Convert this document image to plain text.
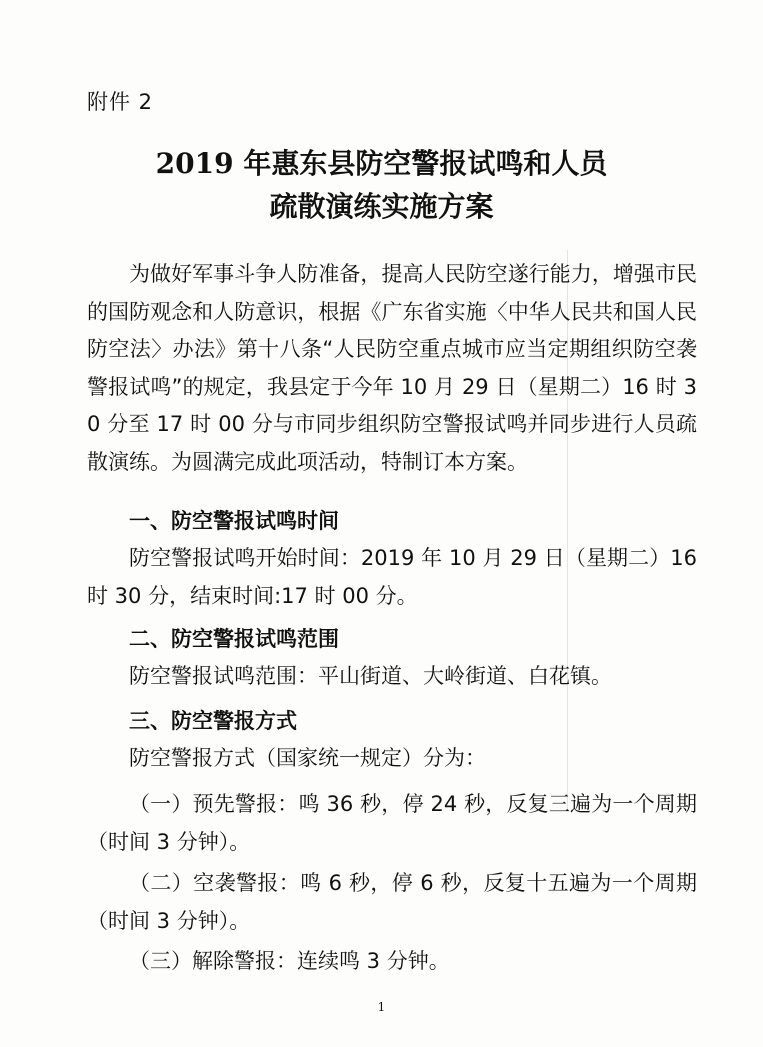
附件 2
2019 年惠东县防空警报试鸣和人员
疏散演练实施方案
为做好军事斗争人防准备，提高人民防空遂行能力，增强市民的国防观念和人防意识，根据《广东省实施〈中华人民共和国人民防空法〉办法》第十八条“人民防空重点城市应当定期组织防空袭警报试鸣”的规定，我县定于今年 10 月 29 日（星期二）16 时 30 分至 17 时 00 分与市同步组织防空警报试鸣并同步进行人员疏散演练。为圆满完成此项活动，特制订本方案。
一、防空警报试鸣时间
防空警报试鸣开始时间：2019 年 10 月 29 日（星期二）16 时 30 分，结束时间:17 时 00 分。
二、防空警报试鸣范围
防空警报试鸣范围：平山街道、大岭街道、白花镇。
三、防空警报方式
防空警报方式（国家统一规定）分为：
（一）预先警报：鸣 36 秒，停 24 秒，反复三遍为一个周期（时间 3 分钟）。
（二）空袭警报：鸣 6 秒，停 6 秒，反复十五遍为一个周期（时间 3 分钟）。
（三）解除警报：连续鸣 3 分钟。
1
